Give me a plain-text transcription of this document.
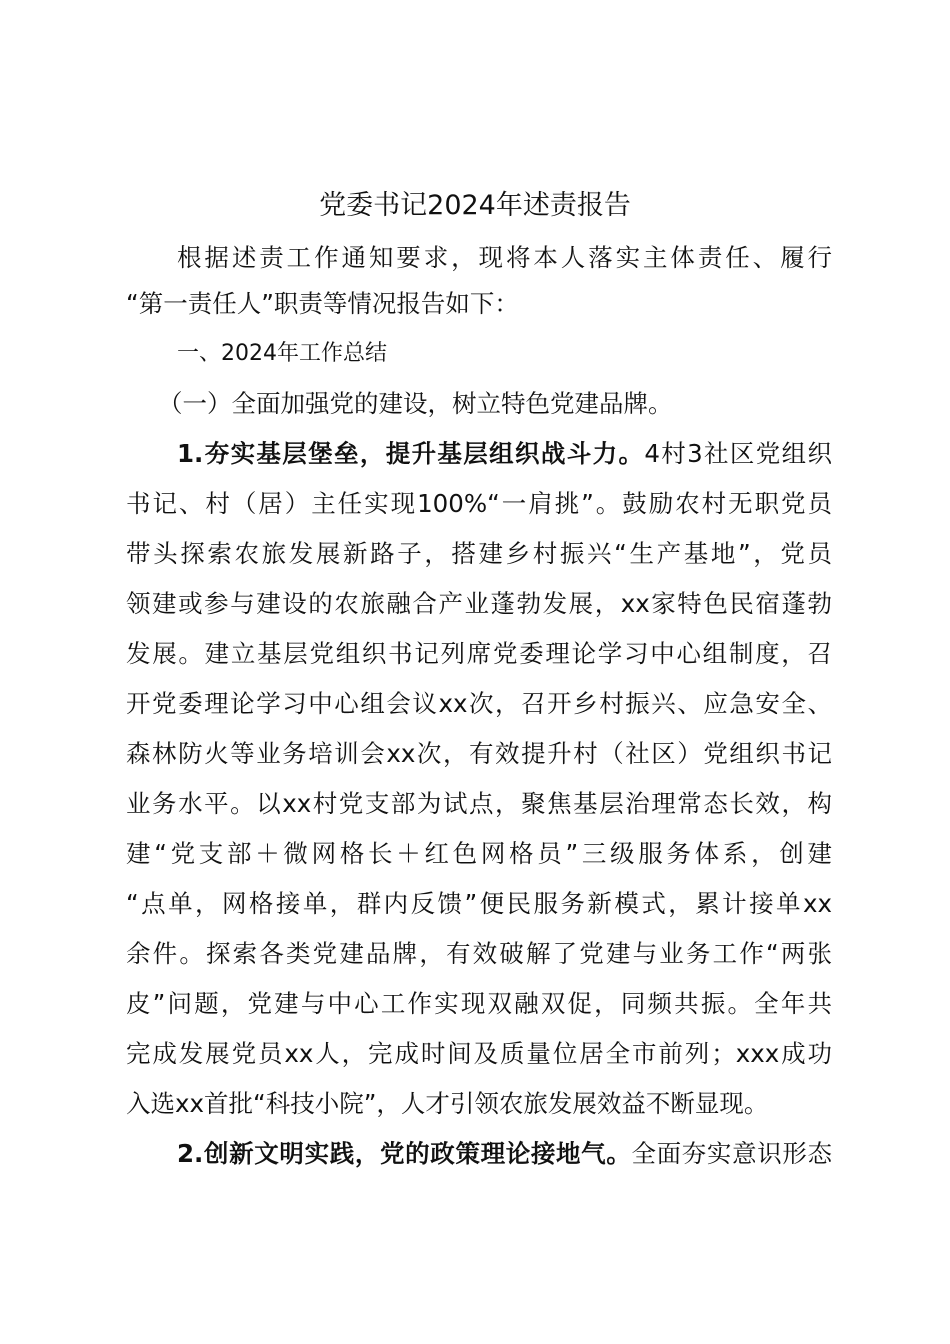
党委书记2024年述责报告
根据述责工作通知要求，现将本人落实主体责任、履行
“第一责任人”职责等情况报告如下：
一、2024年工作总结
（一）全面加强党的建设，树立特色党建品牌。
1.夯实基层堡垒，提升基层组织战斗力。4村3社区党组织
书记、村（居）主任实现100%“一肩挑”。鼓励农村无职党员
带头探索农旅发展新路子，搭建乡村振兴“生产基地”，党员
领建或参与建设的农旅融合产业蓬勃发展，xx家特色民宿蓬勃
发展。建立基层党组织书记列席党委理论学习中心组制度，召
开党委理论学习中心组会议xx次，召开乡村振兴、应急安全、
森林防火等业务培训会xx次，有效提升村（社区）党组织书记
业务水平。以xx村党支部为试点，聚焦基层治理常态长效，构
建“党支部＋微网格长＋红色网格员”三级服务体系，创建
“点单，网格接单，群内反馈”便民服务新模式，累计接单xx
余件。探索各类党建品牌，有效破解了党建与业务工作“两张
皮”问题，党建与中心工作实现双融双促，同频共振。全年共
完成发展党员xx人，完成时间及质量位居全市前列；xxx成功
入选xx首批“科技小院”，人才引领农旅发展效益不断显现。
2.创新文明实践，党的政策理论接地气。全面夯实意识形态
